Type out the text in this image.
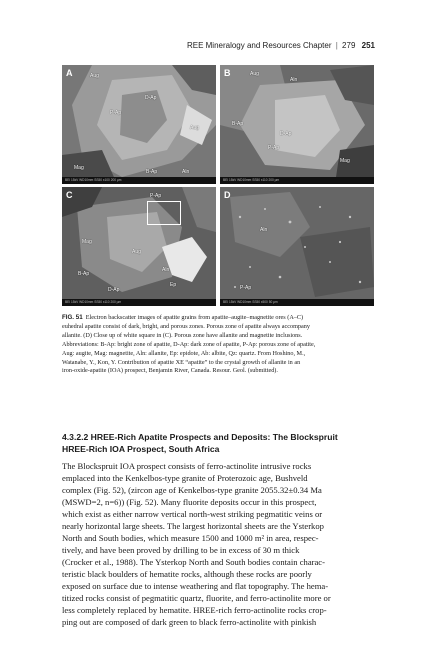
REE Mineralogy and Resources Chapter | 279 251
A	Aug
D-Ap
P-Ap
Aug
Mag
B-Ap	Aln
BEI 15kV WD10mm SS50 x100 200 µm
B	Aug
Aln
D-Ap
B-Ap
P-Ap
Mag
BEI 15kV WD10mm SS50 x110 200 µm
C	P-Ap
Mag
Aug
B-Ap
D-Ap
Aln
Ep
BEI 15kV WD10mm SS50 x110 200 µm
D
Aln
P-Ap
BEI 15kV WD10mm SS50 x500 50 µm
FIG. 51 Electron backscatter images of apatite grains from apatite–augite–magnetite ores (A–C)
euhedral apatite consist of dark, bright, and porous zones. Porous zone of apatite always accompany
allanite. (D) Close up of white square in (C). Porous zone have allanite and magnetite inclusions.
Abbreviations: B-Ap: bright zone of apatite, D-Ap: dark zone of apatite, P-Ap: porous zone of apatite,
Aug: augite, Mag: magnetite, Aln: allanite, Ep: epidote, Ab: albite, Qz: quartz. From Hoshino, M.,
Watanabe, Y., Kon, Y. Contribution of apatite XE “apatite” to the crystal growth of allanite in an
iron-oxide-apatite (IOA) prospect, Benjamin River, Canada. Resour. Geol. (submitted).
4.3.2.2 HREE-Rich Apatite Prospects and Deposits: The Blockspruit
HREE-Rich IOA Prospect, South Africa
The Blockspruit IOA prospect consists of ferro-actinolite intrusive rocks
emplaced into the Kenkelbos-type granite of Proterozoic age, Bushveld
complex (Fig. 52), (zircon age of Kenkelbos-type granite 2055.32±0.34 Ma
(MSWD=2, n=6)) (Fig. 52). Many fluorite deposits occur in this prospect,
which exist as either narrow vertical north-west striking pegmatitic veins or
nearly horizontal large sheets. The largest horizontal sheets are the Ysterkop
North and South bodies, which measure 1500 and 1000 m² in area, respec-
tively, and have been proved by drilling to be in excess of 30 m thick
(Crocker et al., 1988). The Ysterkop North and South bodies contain charac-
teristic black boulders of hematite rocks, although these rocks are poorly
exposed on surface due to intense weathering and flat topography. The hema-
titized rocks consist of pegmatitic quartz, fluorite, and ferro-actinolite more or
less completely replaced by hematite. HREE-rich ferro-actinolite rocks crop-
ping out are composed of dark green to black ferro-actinolite with pinkish
